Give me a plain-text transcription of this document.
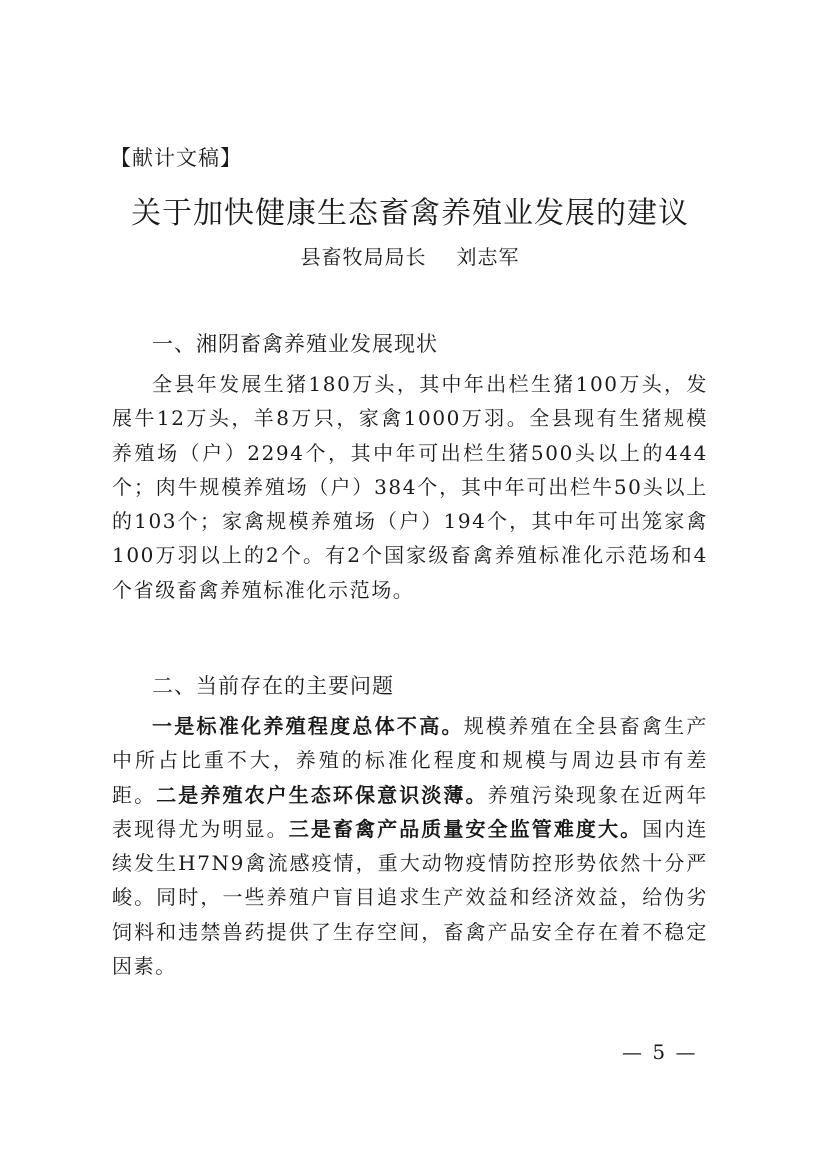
【献计文稿】
关于加快健康生态畜禽养殖业发展的建议
县畜牧局局长 刘志军
一、湘阴畜禽养殖业发展现状

全县年发展生猪180万头，其中年出栏生猪100万头，发展牛12万头，羊8万只，家禽1000万羽。全县现有生猪规模养殖场（户）2294个，其中年可出栏生猪500头以上的444个；肉牛规模养殖场（户）384个，其中年可出栏牛50头以上的103个；家禽规模养殖场（户）194个，其中年可出笼家禽100万羽以上的2个。有2个国家级畜禽养殖标准化示范场和4个省级畜禽养殖标准化示范场。

二、当前存在的主要问题

一是标准化养殖程度总体不高。规模养殖在全县畜禽生产中所占比重不大，养殖的标准化程度和规模与周边县市有差距。二是养殖农户生态环保意识淡薄。养殖污染现象在近两年表现得尤为明显。三是畜禽产品质量安全监管难度大。国内连续发生H7N9禽流感疫情，重大动物疫情防控形势依然十分严峻。同时，一些养殖户盲目追求生产效益和经济效益，给伪劣饲料和违禁兽药提供了生存空间，畜禽产品安全存在着不稳定因素。

— 5 —
